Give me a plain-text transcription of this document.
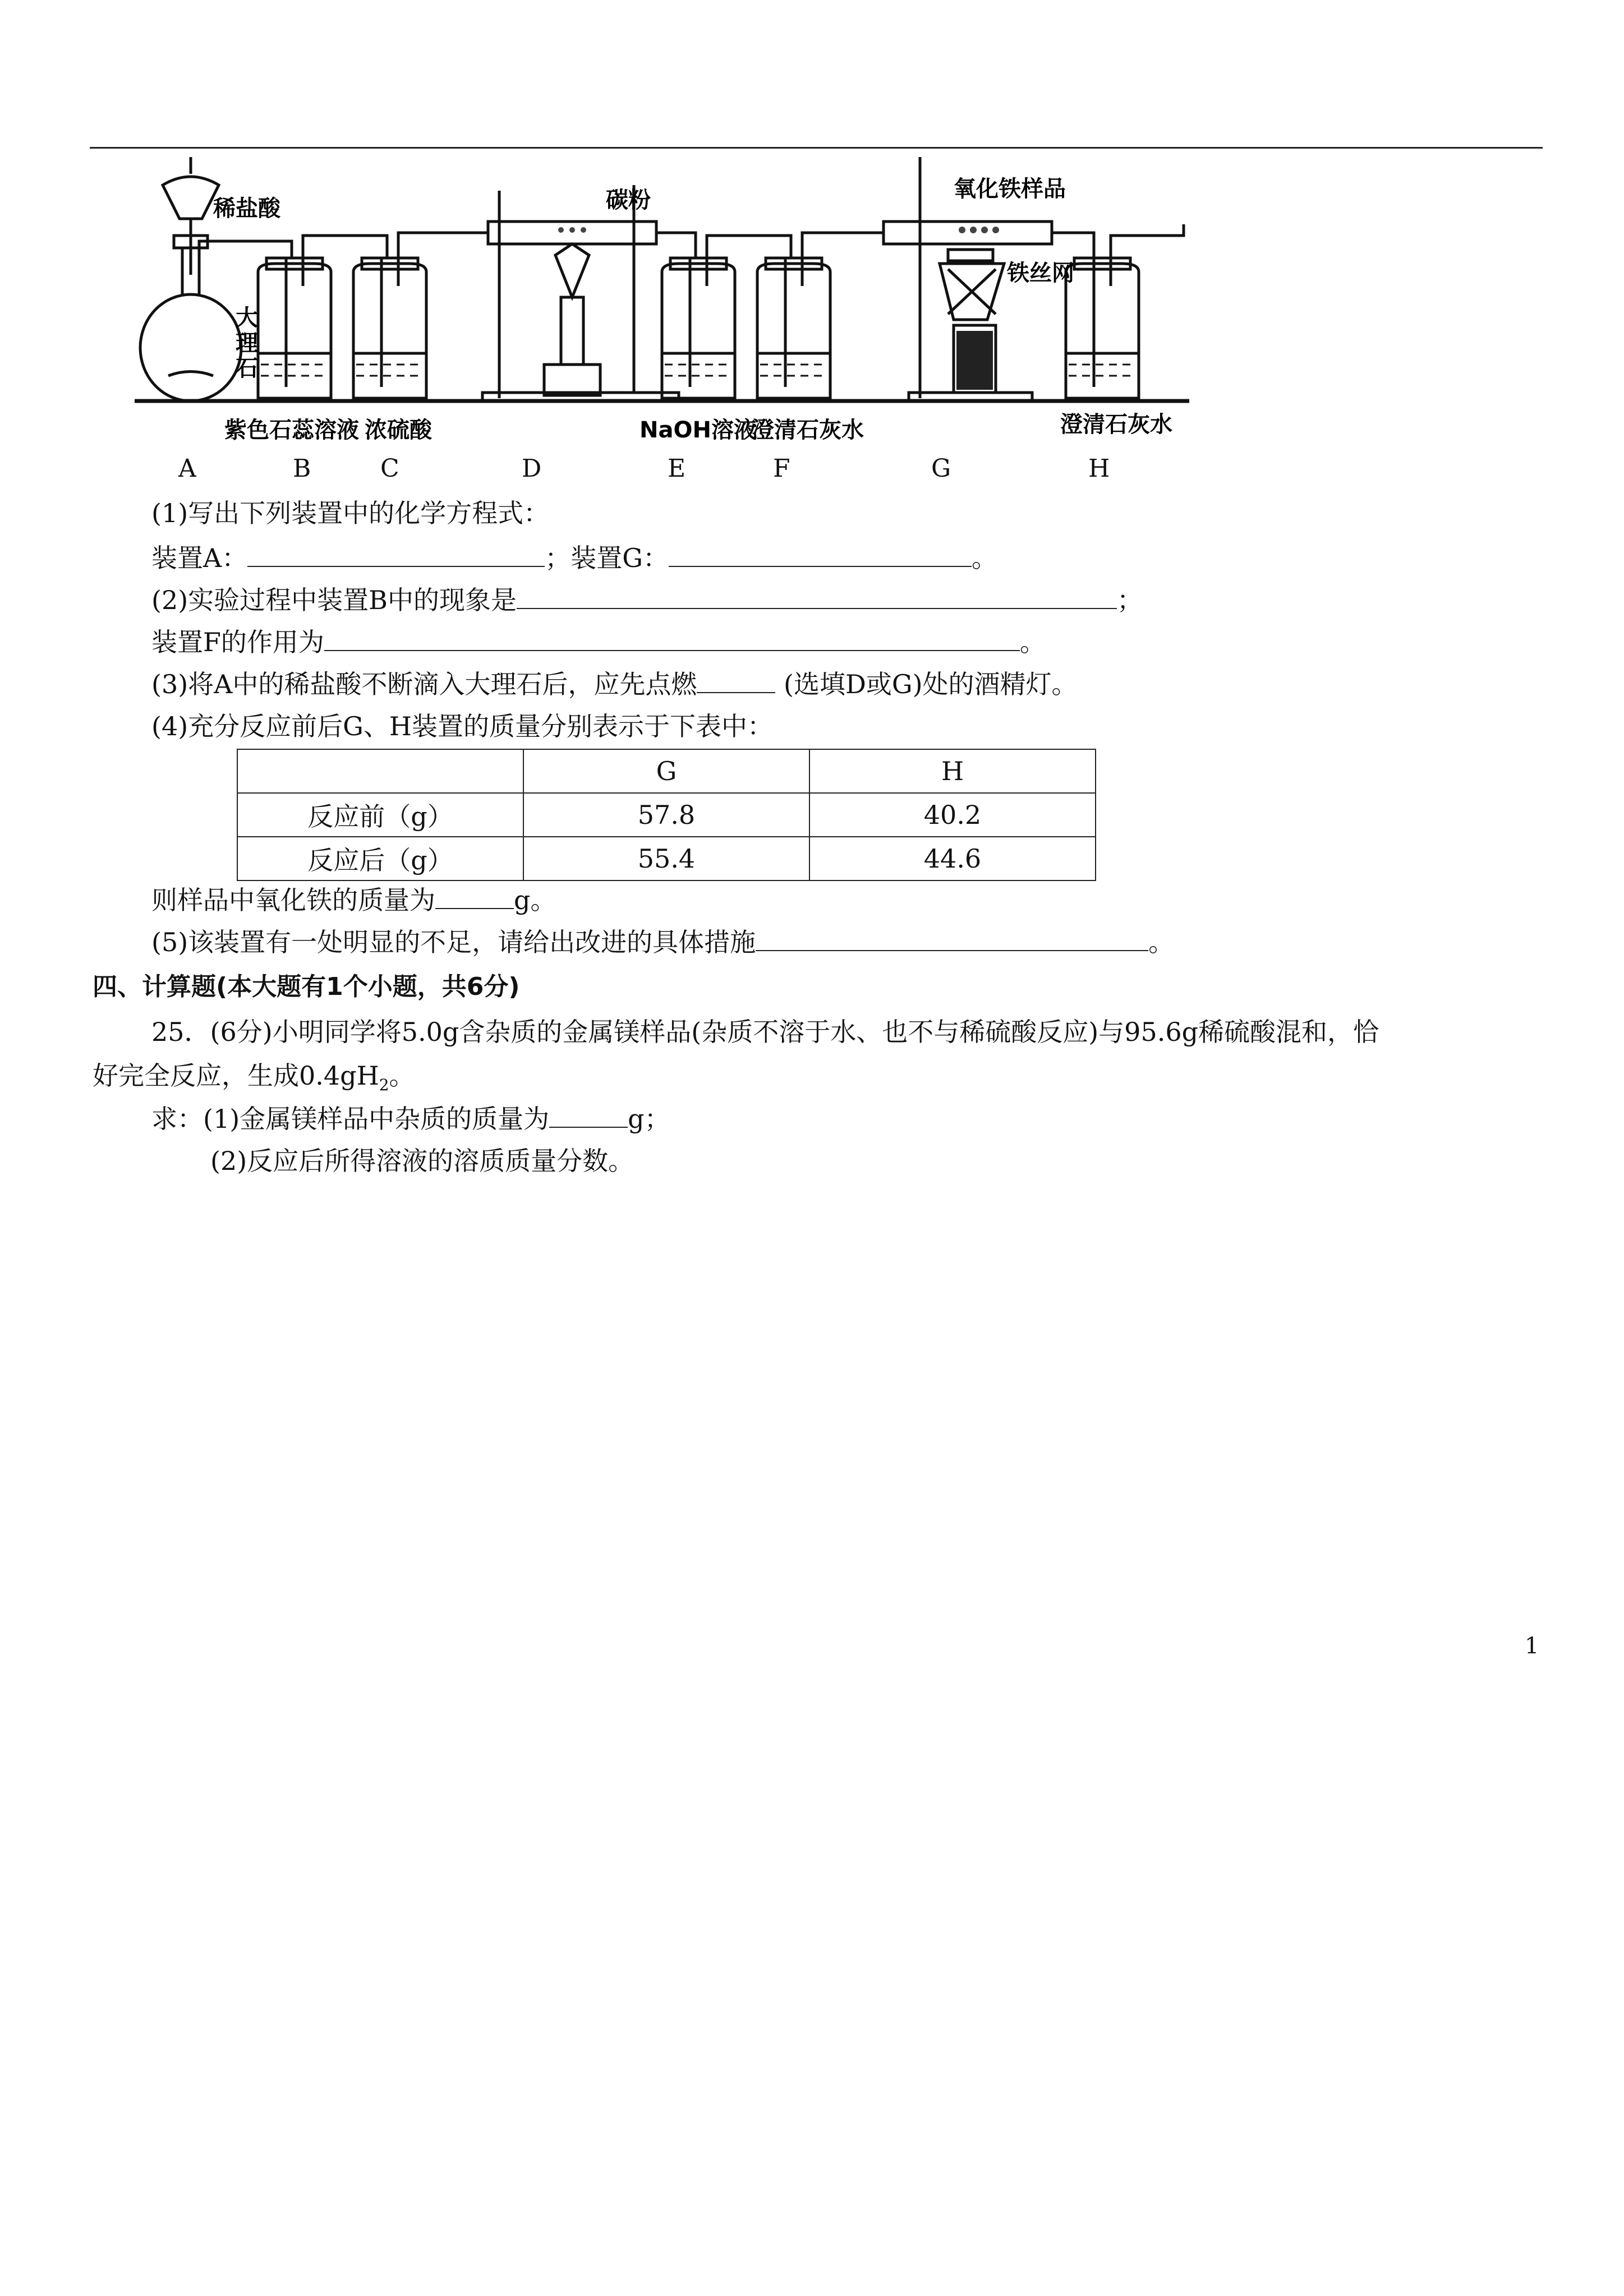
稀盐酸
大
理
石
碳粉	氧化铁样品
铁丝网
紫色石蕊溶液 浓硫酸	NaOH溶液
澄清石灰水	澄清石灰水
A	B	C	D	E	F	G	H
(1)写出下列装置中的化学方程式：
装置A：	；装置G：	。
(2)实验过程中装置B中的现象是	；
装置F的作用为	。
(3)将A中的稀盐酸不断滴入大理石后，应先点燃	(选填D或G)处的酒精灯。
(4)充分反应前后G、H装置的质量分别表示于下表中：
	G	H
反应前（g）	57.8	40.2
反应后（g）	55.4	44.6
则样品中氧化铁的质量为	g。
(5)该装置有一处明显的不足，请给出改进的具体措施	。
四、计算题(本大题有1个小题，共6分)
25．(6分)小明同学将5.0g含杂质的金属镁样品(杂质不溶于水、也不与稀硫酸反应)与95.6g稀硫酸混和，恰
好完全反应，生成$0.4gH_2$。
求：(1)金属镁样品中杂质的质量为	g；
(2)反应后所得溶液的溶质质量分数。
1
